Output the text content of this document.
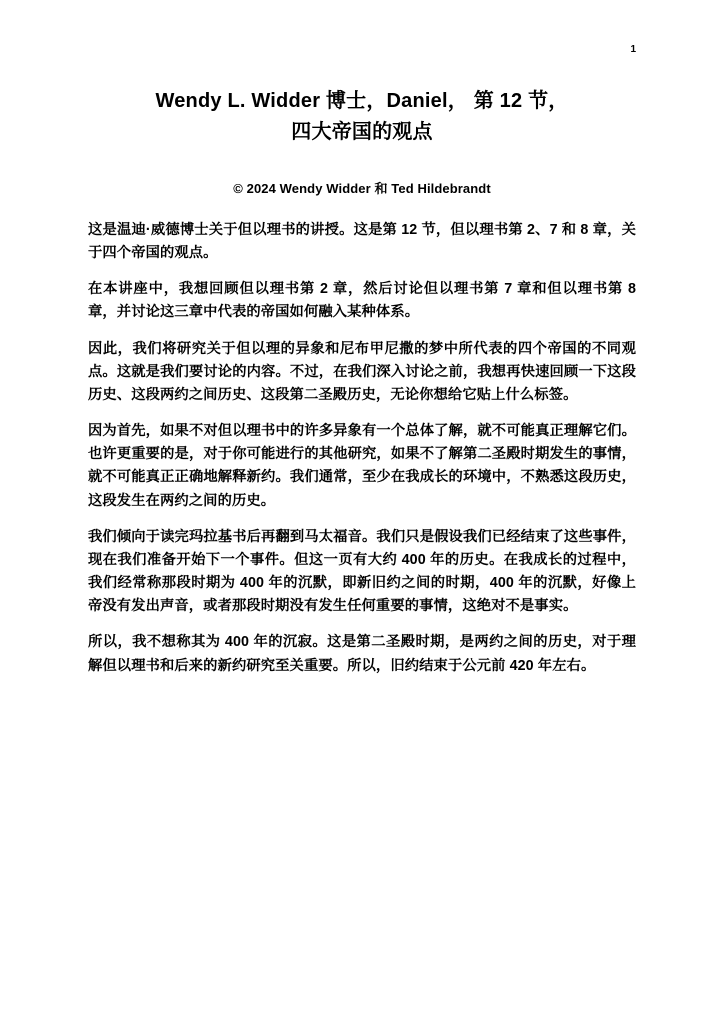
1
Wendy L. Widder 博士，Daniel， 第 12 节，
四大帝国的观点
© 2024 Wendy Widder 和 Ted Hildebrandt

这是温迪·威德博士关于但以理书的讲授。这是第 12 节，但以理书第 2、7 和 8 章，关于四个帝国的观点。

在本讲座中，我想回顾但以理书第 2 章，然后讨论但以理书第 7 章和但以理书第 8 章，并讨论这三章中代表的帝国如何融入某种体系。

因此，我们将研究关于但以理的异象和尼布甲尼撒的梦中所代表的四个帝国的不同观点。这就是我们要讨论的内容。不过，在我们深入讨论之前，我想再快速回顾一下这段历史、这段两约之间历史、这段第二圣殿历史，无论你想给它贴上什么标签。

因为首先，如果不对但以理书中的许多异象有一个总体了解，就不可能真正理解它们。也许更重要的是，对于你可能进行的其他研究，如果不了解第二圣殿时期发生的事情，就不可能真正正确地解释新约。我们通常，至少在我成长的环境中，不熟悉这段历史，这段发生在两约之间的历史。

我们倾向于读完玛拉基书后再翻到马太福音。我们只是假设我们已经结束了这些事件，现在我们准备开始下一个事件。但这一页有大约 400 年的历史。在我成长的过程中，我们经常称那段时期为 400 年的沉默，即新旧约之间的时期，400 年的沉默，好像上帝没有发出声音，或者那段时期没有发生任何重要的事情，这绝对不是事实。

所以，我不想称其为 400 年的沉寂。这是第二圣殿时期，是两约之间的历史，对于理解但以理书和后来的新约研究至关重要。所以，旧约结束于公元前 420 年左右。
